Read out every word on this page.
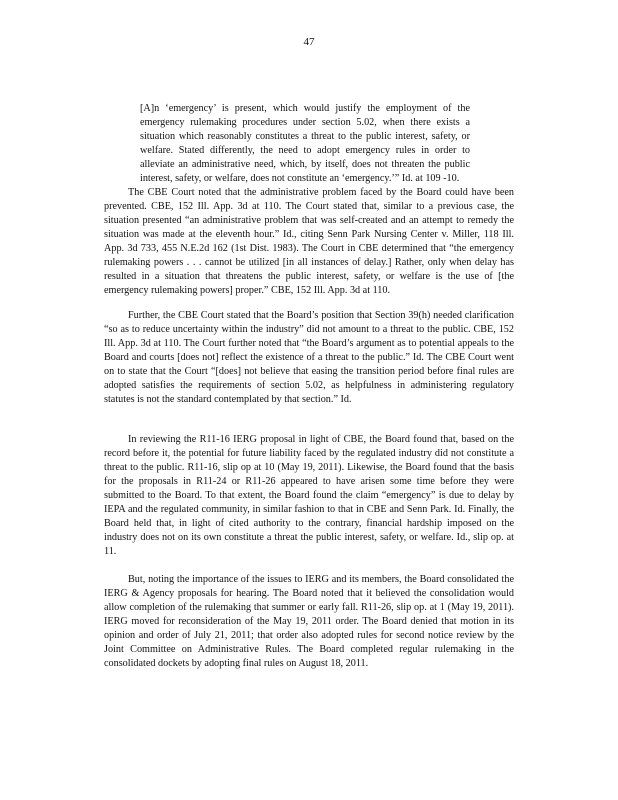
47

[A]n ‘emergency’ is present, which would justify the employment of the emergency rulemaking procedures under section 5.02, when there exists a situation which reasonably constitutes a threat to the public interest, safety, or welfare. Stated differently, the need to adopt emergency rules in order to alleviate an administrative need, which, by itself, does not threaten the public interest, safety, or welfare, does not constitute an ‘emergency.’” Id. at 109 -10.

The CBE Court noted that the administrative problem faced by the Board could have been prevented. CBE, 152 Ill. App. 3d at 110. The Court stated that, similar to a previous case, the situation presented “an administrative problem that was self-created and an attempt to remedy the situation was made at the eleventh hour.” Id., citing Senn Park Nursing Center v. Miller, 118 Ill. App. 3d 733, 455 N.E.2d 162 (1st Dist. 1983). The Court in CBE determined that “the emergency rulemaking powers . . . cannot be utilized [in all instances of delay.] Rather, only when delay has resulted in a situation that threatens the public interest, safety, or welfare is the use of [the emergency rulemaking powers] proper.” CBE, 152 Ill. App. 3d at 110.

Further, the CBE Court stated that the Board’s position that Section 39(h) needed clarification “so as to reduce uncertainty within the industry” did not amount to a threat to the public. CBE, 152 Ill. App. 3d at 110. The Court further noted that “the Board’s argument as to potential appeals to the Board and courts [does not] reflect the existence of a threat to the public.” Id. The CBE Court went on to state that the Court “[does] not believe that easing the transition period before final rules are adopted satisfies the requirements of section 5.02, as helpfulness in administering regulatory statutes is not the standard contemplated by that section.” Id.

In reviewing the R11-16 IERG proposal in light of CBE, the Board found that, based on the record before it, the potential for future liability faced by the regulated industry did not constitute a threat to the public. R11-16, slip op at 10 (May 19, 2011). Likewise, the Board found that the basis for the proposals in R11-24 or R11-26 appeared to have arisen some time before they were submitted to the Board. To that extent, the Board found the claim “emergency” is due to delay by IEPA and the regulated community, in similar fashion to that in CBE and Senn Park. Id. Finally, the Board held that, in light of cited authority to the contrary, financial hardship imposed on the industry does not on its own constitute a threat the public interest, safety, or welfare. Id., slip op. at 11.

But, noting the importance of the issues to IERG and its members, the Board consolidated the IERG & Agency proposals for hearing. The Board noted that it believed the consolidation would allow completion of the rulemaking that summer or early fall. R11-26, slip op. at 1 (May 19, 2011). IERG moved for reconsideration of the May 19, 2011 order. The Board denied that motion in its opinion and order of July 21, 2011; that order also adopted rules for second notice review by the Joint Committee on Administrative Rules. The Board completed regular rulemaking in the consolidated dockets by adopting final rules on August 18, 2011.
